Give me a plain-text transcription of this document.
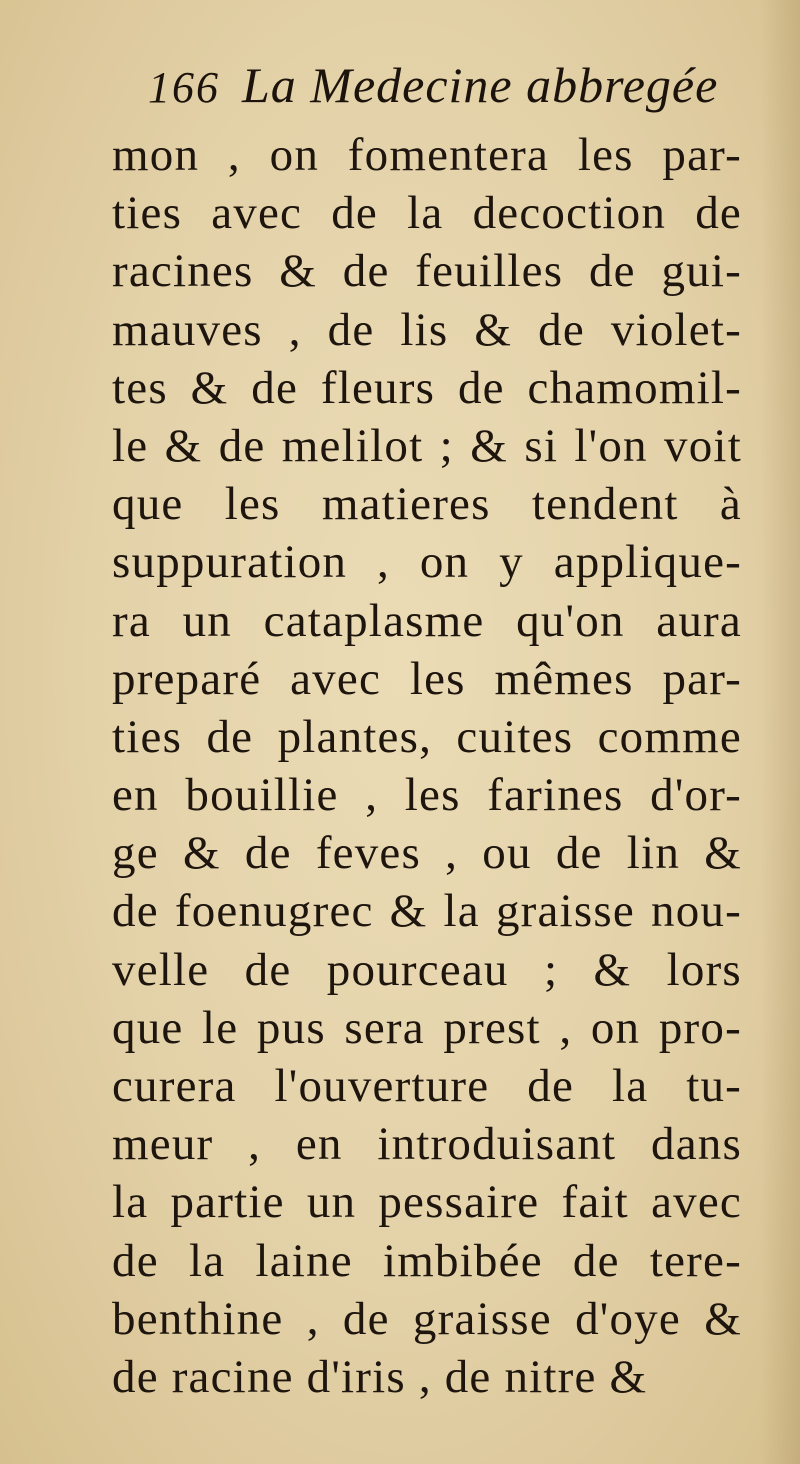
166 La Medecine abbregée
mon , on fomentera les par-
ties avec de la decoction de
racines & de feuilles de gui-
mauves , de lis & de violet-
tes & de fleurs de chamomil-
le & de melilot ; & si l'on voit
que les matieres tendent à
suppuration , on y applique-
ra un cataplasme qu'on aura
preparé avec les mêmes par-
ties de plantes, cuites comme
en bouillie , les farines d'or-
ge & de feves , ou de lin &
de foenugrec & la graisse nou-
velle de pourceau ; & lors
que le pus sera prest , on pro-
curera l'ouverture de la tu-
meur , en introduisant dans
la partie un pessaire fait avec
de la laine imbibée de tere-
benthine , de graisse d'oye &
de racine d'iris , de nitre &
